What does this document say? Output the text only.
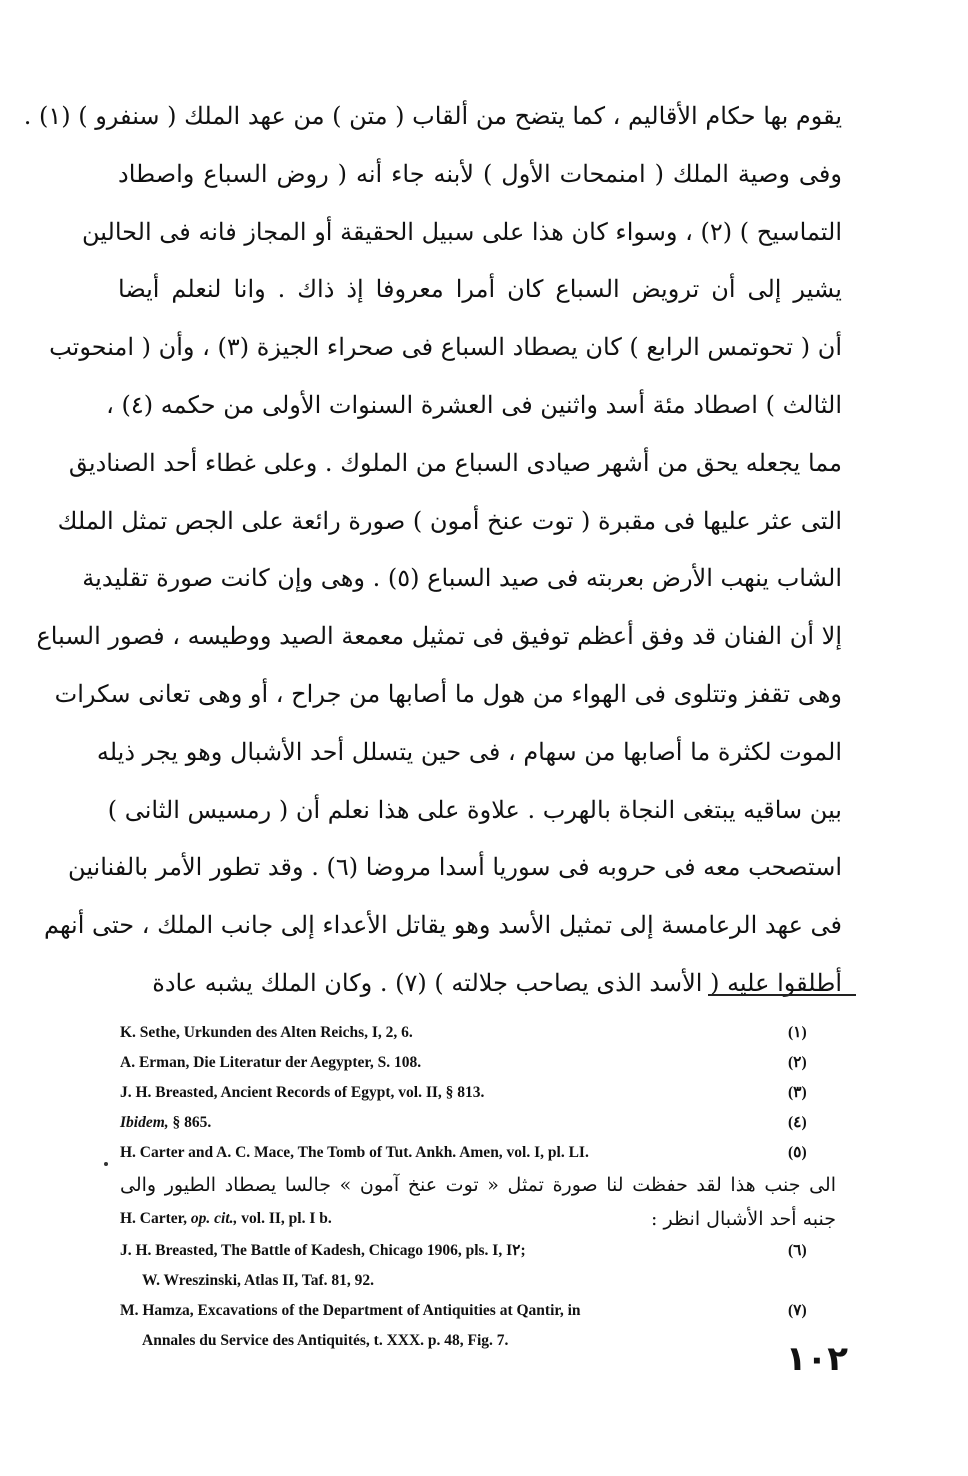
يقوم بها حكام الأقاليم ، كما يتضح من ألقاب ( متن ) من عهد الملك ( سنفرو ) (١) .
وفى وصية الملك ( امنمحات الأول ) لأبنه جاء أنه ( روض السباع واصطاد
التماسيح ) (٢) ، وسواء كان هذا على سبيل الحقيقة أو المجاز فانه فى الحالين
يشير إلى أن ترويض السباع كان أمرا معروفا إذ ذاك . وانا لنعلم أيضا
أن ( تحوتمس الرابع ) كان يصطاد السباع فى صحراء الجيزة (٣) ، وأن ( امنحوتب
الثالث ) اصطاد مئة أسد واثنين فى العشرة السنوات الأولى من حكمه (٤) ،
مما يجعله يحق من أشهر صيادى السباع من الملوك . وعلى غطاء أحد الصناديق
التى عثر عليها فى مقبرة ( توت عنخ أمون ) صورة رائعة على الجص تمثل الملك
الشاب ينهب الأرض بعربته فى صيد السباع (٥) . وهى وإن كانت صورة تقليدية
إلا أن الفنان قد وفق أعظم توفيق فى تمثيل معمعة الصيد ووطيسه ، فصور السباع
وهى تقفز وتتلوى فى الهواء من هول ما أصابها من جراح ، أو وهى تعانى سكرات
الموت لكثرة ما أصابها من سهام ، فى حين يتسلل أحد الأشبال وهو يجر ذيله
بين ساقيه يبتغى النجاة بالهرب . علاوة على هذا نعلم أن ( رمسيس الثانى )
استصحب معه فى حروبه فى سوريا أسدا مروضا (٦) . وقد تطور الأمر بالفنانين
فى عهد الرعامسة إلى تمثيل الأسد وهو يقاتل الأعداء إلى جانب الملك ، حتى أنهم
أطلقوا عليه ( الأسد الذى يصاحب جلالته ) (٧) . وكان الملك يشبه عادة
K. Sethe, Urkunden des Alten Reichs, I, 2, 6.	(١)
A. Erman, Die Literatur der Aegypter, S. 108.	(٢)
J. H. Breasted, Ancient Records of Egypt, vol. II, § 813.	(٣)
Ibidem, § 865.	(٤)
H. Carter and A. C. Mace, The Tomb of Tut. Ankh. Amen, vol. I, pl. LI.	(٥)
الى جنب هذا لقد حفظت لنا صورة تمثل « توت عنخ آمون » جالسا يصطاد الطيور والى
H. Carter, op. cit., vol. II, pl. I b.	جنبه أحد الأشبال انظر :
J. H. Breasted, The Battle of Kadesh, Chicago 1906, pls. I, I٢;	(٦)
W. Wreszinski, Atlas II, Taf. 81, 92.
M. Hamza, Excavations of the Department of Antiquities at Qantir, in	(٧)
Annales du Service des Antiquités, t. XXX. p. 48, Fig. 7.	١٠٢
